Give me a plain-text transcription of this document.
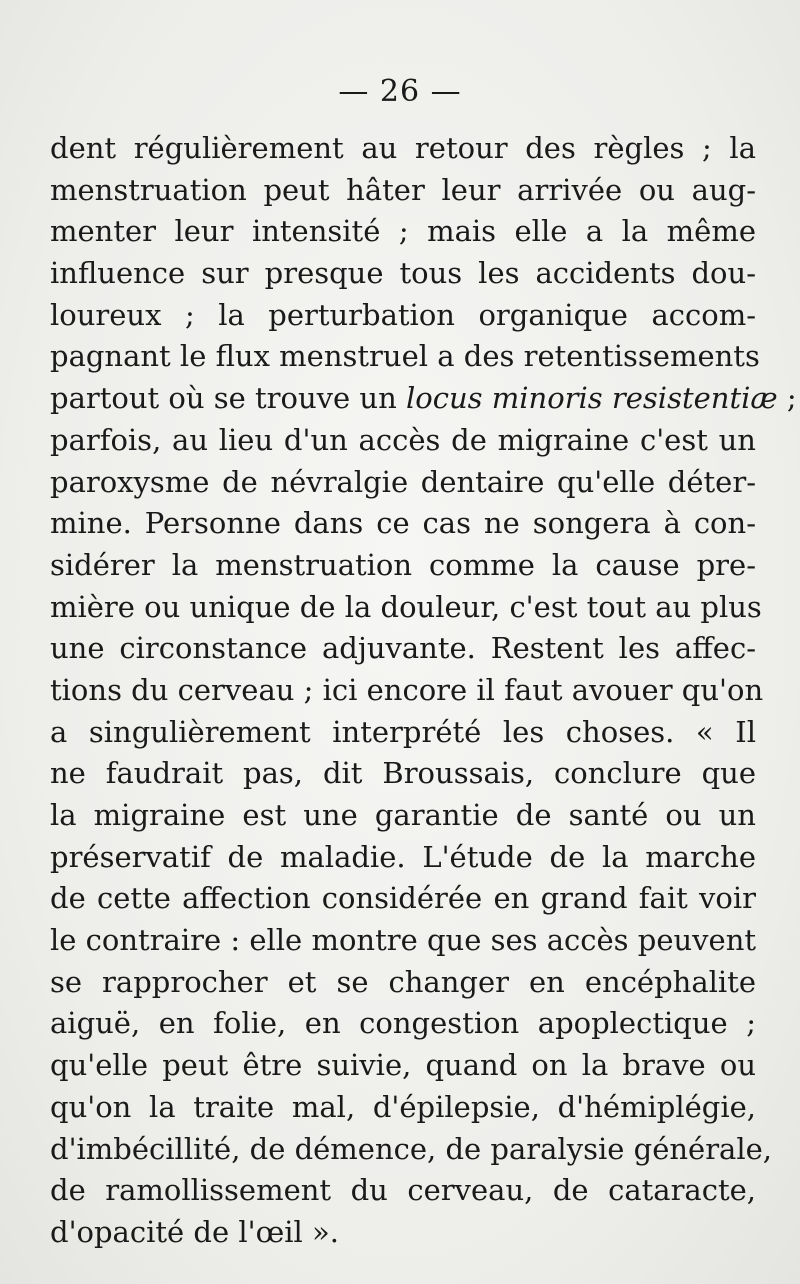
— 26 —
dent régulièrement au retour des règles ; la
menstruation peut hâter leur arrivée ou aug-
menter leur intensité ; mais elle a la même
influence sur presque tous les accidents dou-
loureux ; la perturbation organique accom-
pagnant le flux menstruel a des retentissements
partout où se trouve un locus minoris resistentiæ ;
parfois, au lieu d'un accès de migraine c'est un
paroxysme de névralgie dentaire qu'elle déter-
mine. Personne dans ce cas ne songera à con-
sidérer la menstruation comme la cause pre-
mière ou unique de la douleur, c'est tout au plus
une circonstance adjuvante. Restent les affec-
tions du cerveau ; ici encore il faut avouer qu'on
a singulièrement interprété les choses. « Il
ne faudrait pas, dit Broussais, conclure que
la migraine est une garantie de santé ou un
préservatif de maladie. L'étude de la marche
de cette affection considérée en grand fait voir
le contraire : elle montre que ses accès peuvent
se rapprocher et se changer en encéphalite
aiguë, en folie, en congestion apoplectique ;
qu'elle peut être suivie, quand on la brave ou
qu'on la traite mal, d'épilepsie, d'hémiplégie,
d'imbécillité, de démence, de paralysie générale,
de ramollissement du cerveau, de cataracte,
d'opacité de l'œil ».
